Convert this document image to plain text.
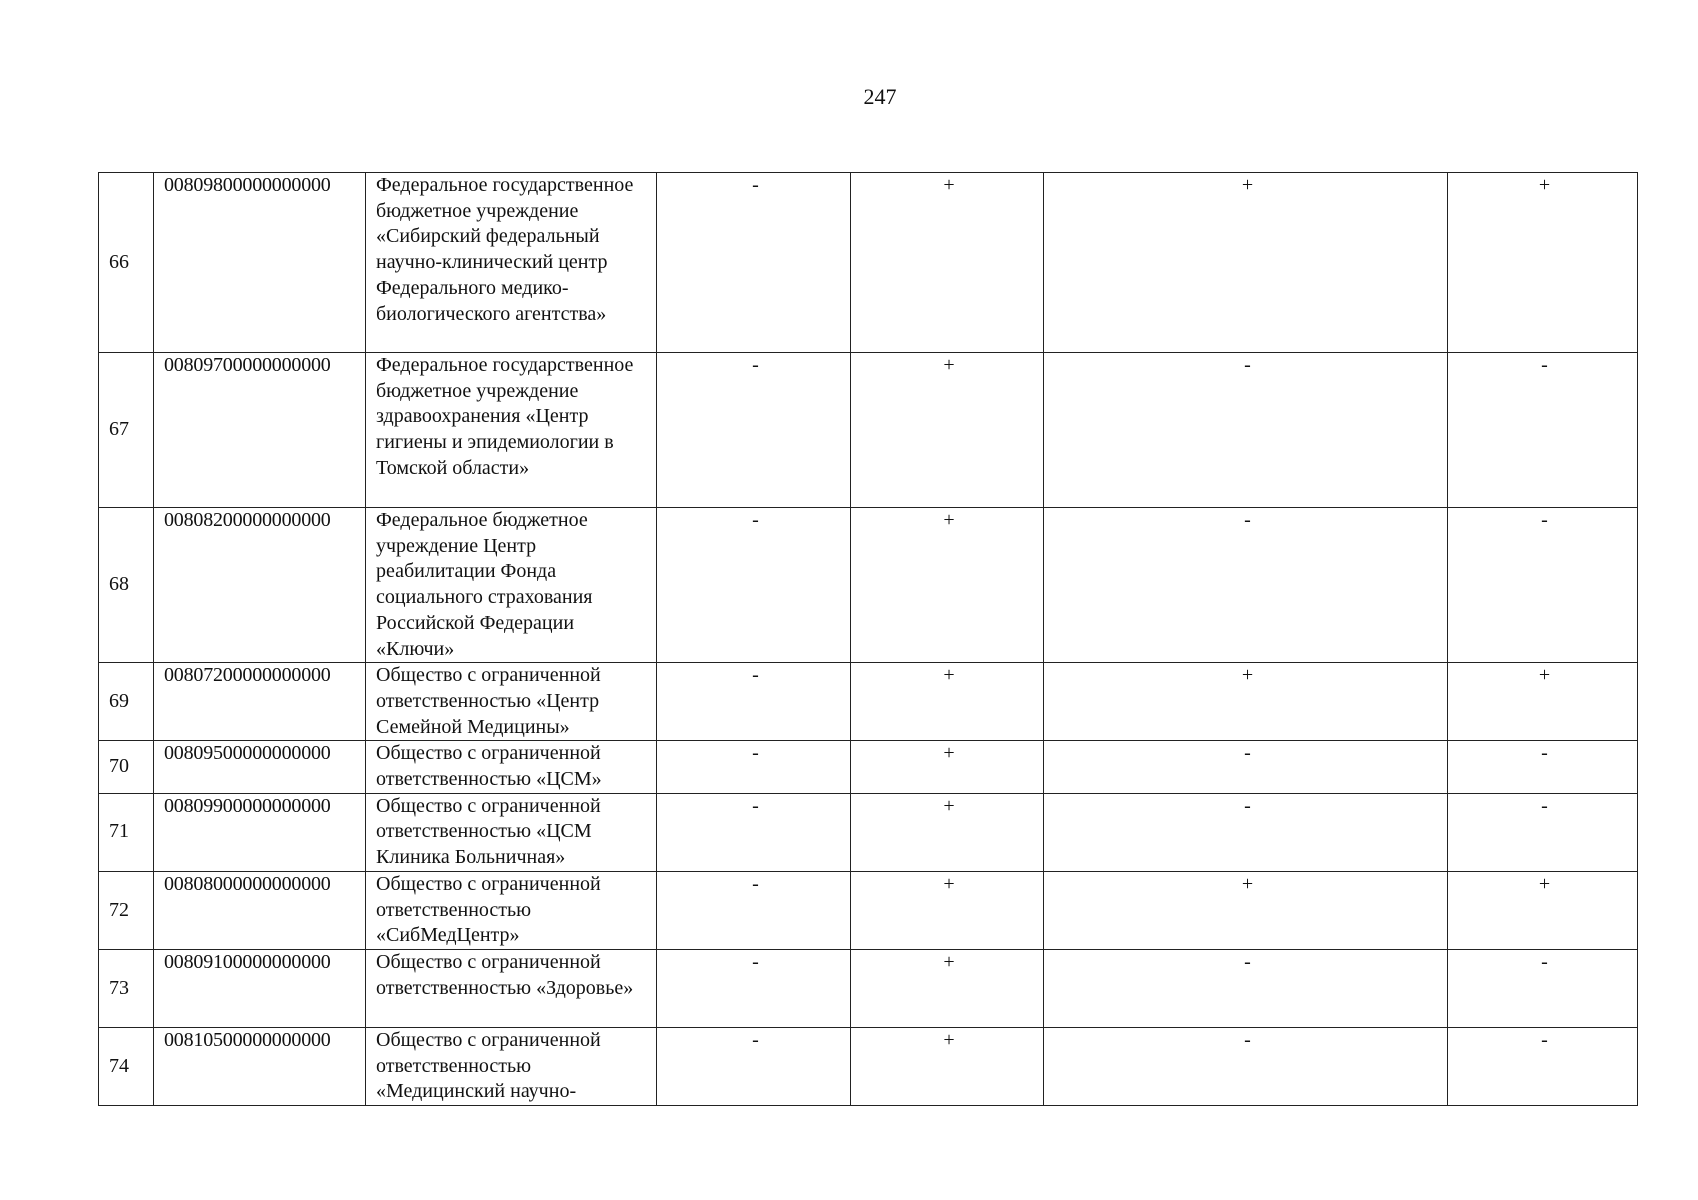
247
66	00809800000000000	Федеральное государственное бюджетное учреждение «Сибирский федеральный научно-клинический центр Федерального медико-биологического агентства»	-	+	+	+
67	00809700000000000	Федеральное государственное бюджетное учреждение здравоохранения «Центр гигиены и эпидемиологии в Томской области»	-	+	-	-
68	00808200000000000	Федеральное бюджетное учреждение Центр реабилитации Фонда социального страхования Российской Федерации «Ключи»	-	+	-	-
69	00807200000000000	Общество с ограниченной ответственностью «Центр Семейной Медицины»	-	+	+	+
70	00809500000000000	Общество с ограниченной ответственностью «ЦСМ»	-	+	-	-
71	00809900000000000	Общество с ограниченной ответственностью «ЦСМ Клиника Больничная»	-	+	-	-
72	00808000000000000	Общество с ограниченной ответственностью «СибМедЦентр»	-	+	+	+
73	00809100000000000	Общество с ограниченной ответственностью «Здоровье»	-	+	-	-
74	00810500000000000	Общество с ограниченной ответственностью «Медицинский научно-	-	+	-	-
